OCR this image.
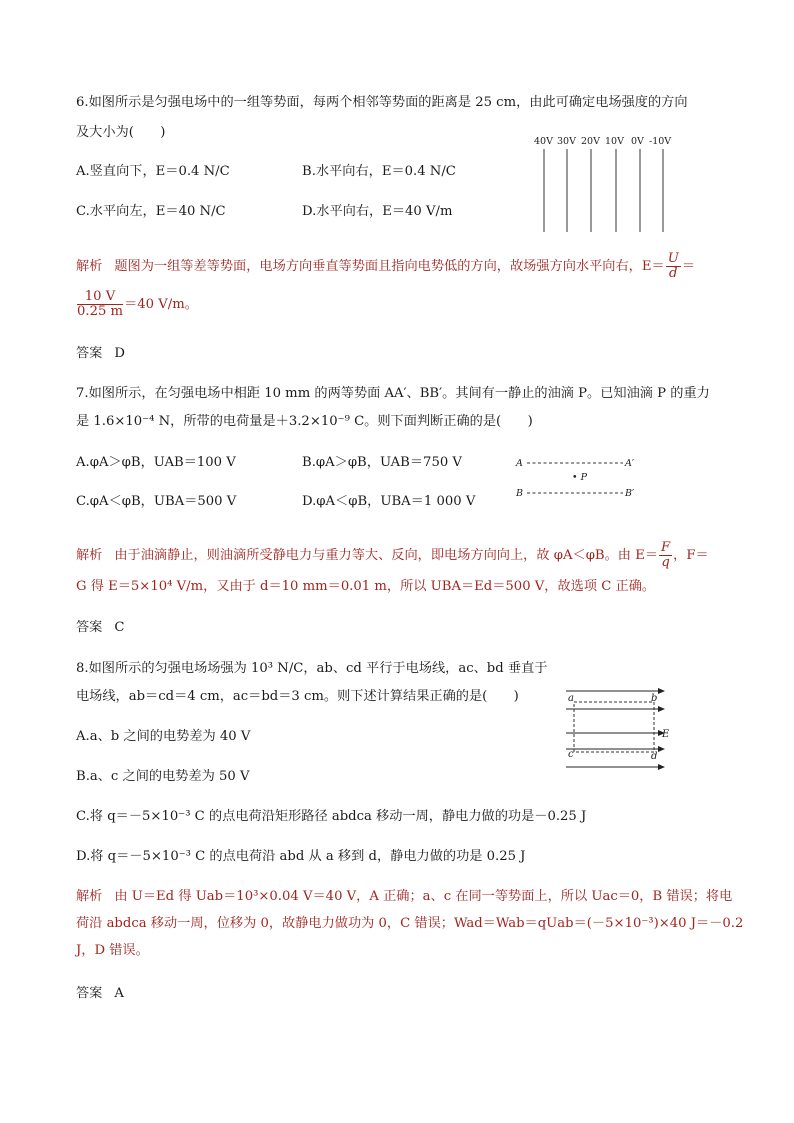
6.如图所示是匀强电场中的一组等势面，每两个相邻等势面的距离是 25 cm，由此可确定电场强度的方向
及大小为(　　)
A.竖直向下，E＝0.4 N/C	B.水平向右，E＝0.4 N/C
C.水平向左，E＝40 N/C	D.水平向右，E＝40 V/m
40V 30V 20V 10V 0V -10V
解析 题图为一组等差等势面，电场方向垂直等势面且指向电势低的方向，故场强方向水平向右，$E= \frac{U}{d}$ ＝
$\frac{10 V}{0.25 m} =40$ V/m。
答案 D
7.如图所示，在匀强电场中相距 10 mm 的两等势面 AA′、BB′。其间有一静止的油滴 P。已知油滴 P 的重力
是 1.6×10⁻⁴ N，所带的电荷量是＋3.2×10⁻⁹ C。则下面判断正确的是(　　)
A.φA＞φB，UAB＝100 V	B.φA＞φB，UAB＝750 V
C.φA＜φB，UBA＝500 V	D.φA＜φB，UBA＝1 000 V
A	A′
• P
B	B′
解析 由于油滴静止，则油滴所受静电力与重力等大、反向，即电场方向向上，故 φA＜φB。由 $E= \frac{F}{q}$ ，F＝
G 得 E＝5×10⁴ V/m，又由于 d＝10 mm＝0.01 m，所以 UBA＝Ed＝500 V，故选项 C 正确。
答案 C
8.如图所示的匀强电场场强为 10³ N/C，ab、cd 平行于电场线，ac、bd 垂直于
电场线，ab＝cd＝4 cm，ac＝bd＝3 cm。则下述计算结果正确的是(　　)
A.a、b 之间的电势差为 40 V
B.a、c 之间的电势差为 50 V
C.将 q＝－5×10⁻³ C 的点电荷沿矩形路径 abdca 移动一周，静电力做的功是－0.25 J
D.将 q＝－5×10⁻³ C 的点电荷沿 abd 从 a 移到 d，静电力做的功是 0.25 J
a	b
c	d
E
解析 由 U＝Ed 得 Uab＝10³×0.04 V＝40 V，A 正确；a、c 在同一等势面上，所以 Uac＝0，B 错误；将电
荷沿 abdca 移动一周，位移为 0，故静电力做功为 0，C 错误；Wad＝Wab＝qUab＝(－5×10⁻³)×40 J＝－0.2
J，D 错误。
答案 A
